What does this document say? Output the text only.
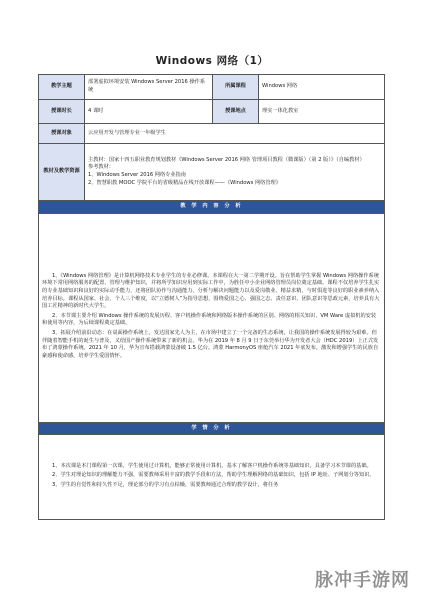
Windows 网络（1）
教学主题	部署虚拟环境安装 Windows Server 2016 操作系统	所属课程	Windows 网络
授课时长	4 课时	授课地点	理实一体化教室
授课对象	云应用开发与管理专业一年级学生		
教材及教学资源	主教材：国家十四五职业教育规划教材《Windows Server 2016 网络 管理项目教程（微课版）（第 2 版）》（自编教材）
参考教材：
1、Windows Server 2016 网络专业指南
2、智慧职教 MOOC 学院平台的省级精品在线开放课程——《Windows 网络管理》		

教 学 内 容 分 析			

1、《Windows 网络管理》是计算机网络技术专业学生的专业必修课。本课程在大一第二学期开设。旨在帮助学生掌握 Windows 网络操作系统环境下常用网络服务的配置、管理与维护知识，并将所学知识应用到实际工作中，为胜任中小企业网络管理员岗位奠定基础。课程不仅培养学生扎实的专业基础知识和良好的实际动手能力，还将团队协作与沟通能力、分析与解决问题能力以及爱岗敬业、精益求精、与时俱进等良好的职业素养纳入培养目标。课程从国家、社会、个人三个维度，以“立德树人”为指导思想，围绕爱国之心、强国之志、责任意识、团队意识等思政元素，培养具有大国工匠精神的新时代大学生。

2、本节课主要介绍 Windows 操作系统的发展历程、客户机操作系统和网络版本操作系统的区别、网络的相关知识、VM Ware 虚拟机的安装和使用等内容，为后续课程奠定基础。

3、拓展介绍前沿动态：在桌面操作系统上，发达国家先人为主，在市场中建立了一个完备的生态系统，让我国的操作系统发展得较为艰难。但伴随着智能手机的诞生与普及，又给国产操作系统带来了新的机会。华为在 2019 年 8 月 9 日于东莞举行华为开发者大会（HDC 2019）上正式发布了鸿蒙操作系统。2021 年 10 月，华为宣布搭载鸿蒙设备破 1.5 亿台。鸿蒙 HarmonyOS 座舱汽车 2021 年底发布。激发和增强学生的民族自豪感和使命感，培养学生爱国情怀。			

学 情 分 析			

1、本次课是本门课程第一次课，学生使用过计算机，能够正常使用计算机，基本了解客户机操作系统等基础知识，具备学习本节课的基础。

2、学生对理论知识的理解能力不强，需要教师采用丰富的教学手段和方法，帮助学生理解网络的基础知识，包括 IP 地址、子网划分等知识。

3、学生的自觉性和持久性不足，理论部分的学习有点枯燥，需要教师通过合理的教学设计，将任务			

脉冲手游网
